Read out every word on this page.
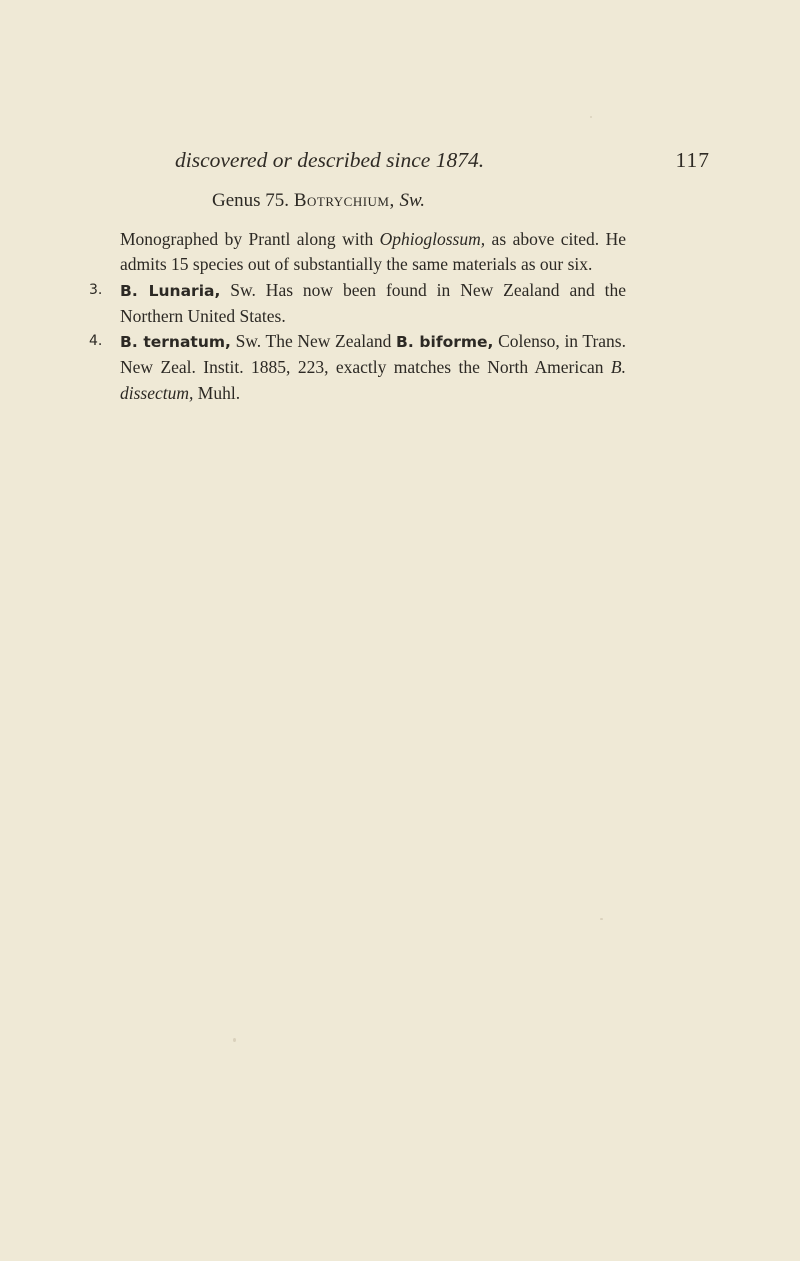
discovered or described since 1874.	117
Genus 75. Botrychium, Sw.

Monographed by Prantl along with Ophioglossum, as above cited. He admits 15 species out of substantially the same materials as our six.

3. B. Lunaria, Sw. Has now been found in New Zealand and the Northern United States.

4. B. ternatum, Sw. The New Zealand B. biforme, Colenso, in Trans. New Zeal. Instit. 1885, 223, exactly matches the North American B. dissectum, Muhl.
